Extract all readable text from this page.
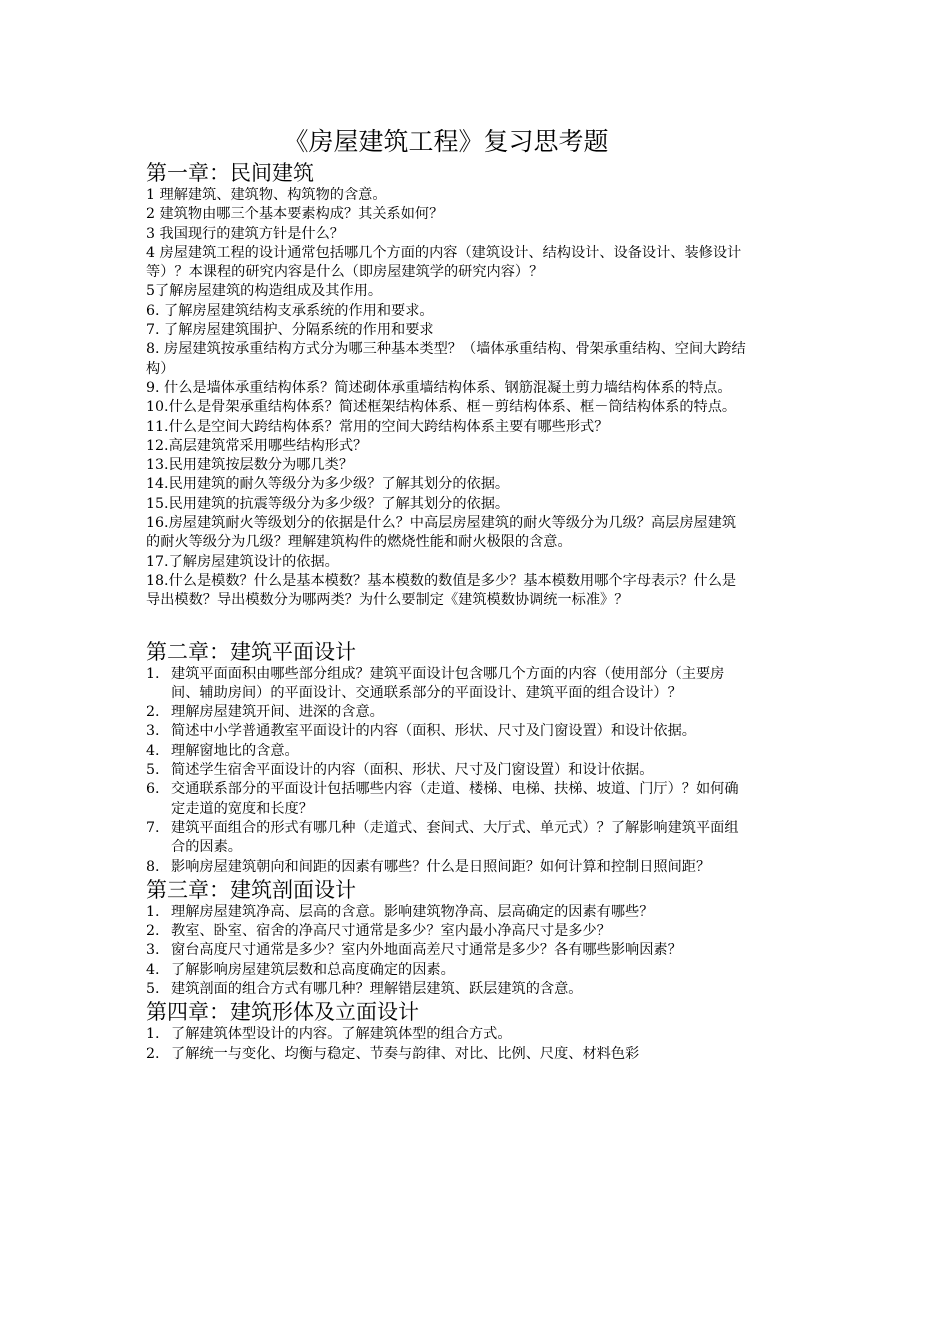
《房屋建筑工程》复习思考题
第一章：民间建筑

1 理解建筑、建筑物、构筑物的含意。

2 建筑物由哪三个基本要素构成？其关系如何？

3 我国现行的建筑方针是什么？

4 房屋建筑工程的设计通常包括哪几个方面的内容（建筑设计、结构设计、设备设计、装修设计等）？本课程的研究内容是什么（即房屋建筑学的研究内容）？

5了解房屋建筑的构造组成及其作用。

6. 了解房屋建筑结构支承系统的作用和要求。

7. 了解房屋建筑围护、分隔系统的作用和要求

8. 房屋建筑按承重结构方式分为哪三种基本类型？（墙体承重结构、骨架承重结构、空间大跨结构）

9. 什么是墙体承重结构体系？简述砌体承重墙结构体系、钢筋混凝土剪力墙结构体系的特点。

10.什么是骨架承重结构体系？简述框架结构体系、框－剪结构体系、框－筒结构体系的特点。

11.什么是空间大跨结构体系？常用的空间大跨结构体系主要有哪些形式？

12.高层建筑常采用哪些结构形式？

13.民用建筑按层数分为哪几类？

14.民用建筑的耐久等级分为多少级？了解其划分的依据。

15.民用建筑的抗震等级分为多少级？了解其划分的依据。

16.房屋建筑耐火等级划分的依据是什么？中高层房屋建筑的耐火等级分为几级？高层房屋建筑的耐火等级分为几级？理解建筑构件的燃烧性能和耐火极限的含意。

17.了解房屋建筑设计的依据。

18.什么是模数？什么是基本模数？基本模数的数值是多少？基本模数用哪个字母表示？什么是导出模数？导出模数分为哪两类？为什么要制定《建筑模数协调统一标准》？

第二章：建筑平面设计
1. 建筑平面面积由哪些部分组成？建筑平面设计包含哪几个方面的内容（使用部分（主要房间、辅助房间）的平面设计、交通联系部分的平面设计、建筑平面的组合设计）？
2. 理解房屋建筑开间、进深的含意。
3. 简述中小学普通教室平面设计的内容（面积、形状、尺寸及门窗设置）和设计依据。
4. 理解窗地比的含意。
5. 简述学生宿舍平面设计的内容（面积、形状、尺寸及门窗设置）和设计依据。
6. 交通联系部分的平面设计包括哪些内容（走道、楼梯、电梯、扶梯、坡道、门厅）？如何确定走道的宽度和长度？
7. 建筑平面组合的形式有哪几种（走道式、套间式、大厅式、单元式）？了解影响建筑平面组合的因素。
8. 影响房屋建筑朝向和间距的因素有哪些？什么是日照间距？如何计算和控制日照间距？
第三章：建筑剖面设计
1. 理解房屋建筑净高、层高的含意。影响建筑物净高、层高确定的因素有哪些？
2. 教室、卧室、宿舍的净高尺寸通常是多少？室内最小净高尺寸是多少？
3. 窗台高度尺寸通常是多少？室内外地面高差尺寸通常是多少？各有哪些影响因素？
4. 了解影响房屋建筑层数和总高度确定的因素。
5. 建筑剖面的组合方式有哪几种？理解错层建筑、跃层建筑的含意。
第四章：建筑形体及立面设计
1. 了解建筑体型设计的内容。了解建筑体型的组合方式。
2. 了解统一与变化、均衡与稳定、节奏与韵律、对比、比例、尺度、材料色彩
